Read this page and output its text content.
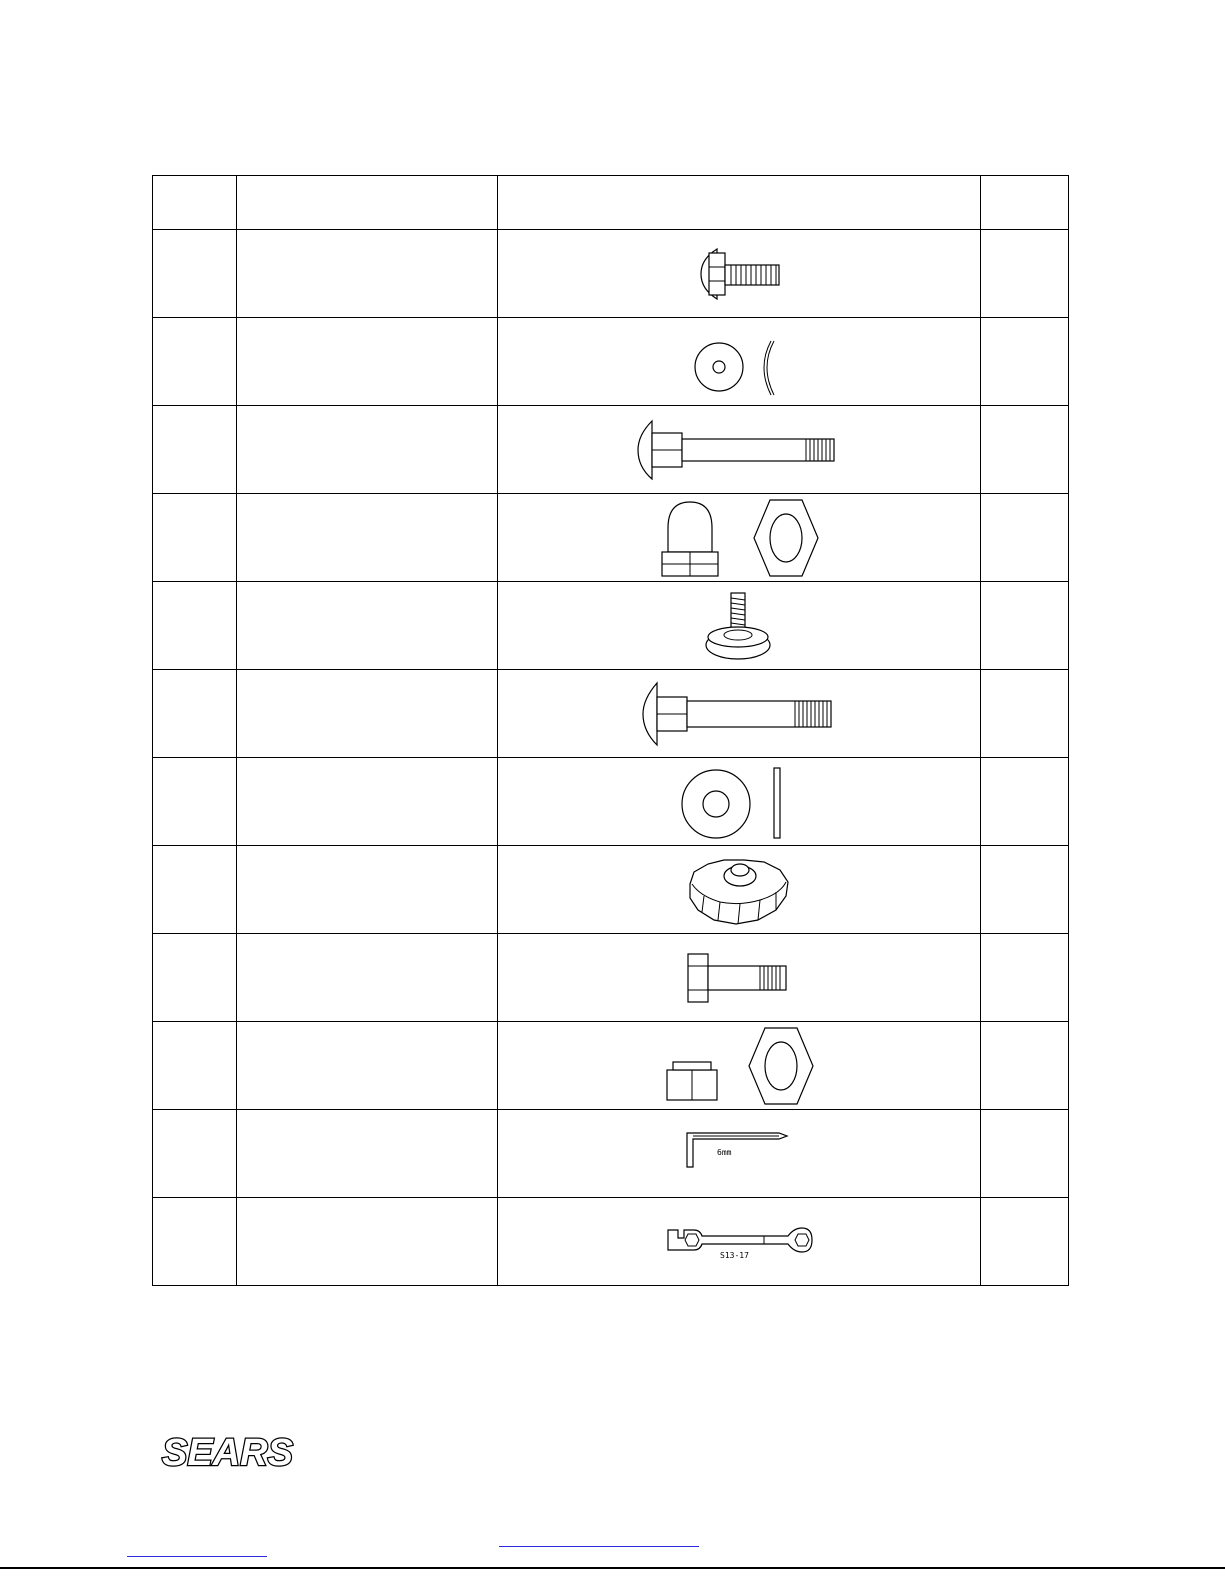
6mm	

S13-17	

SEARS
